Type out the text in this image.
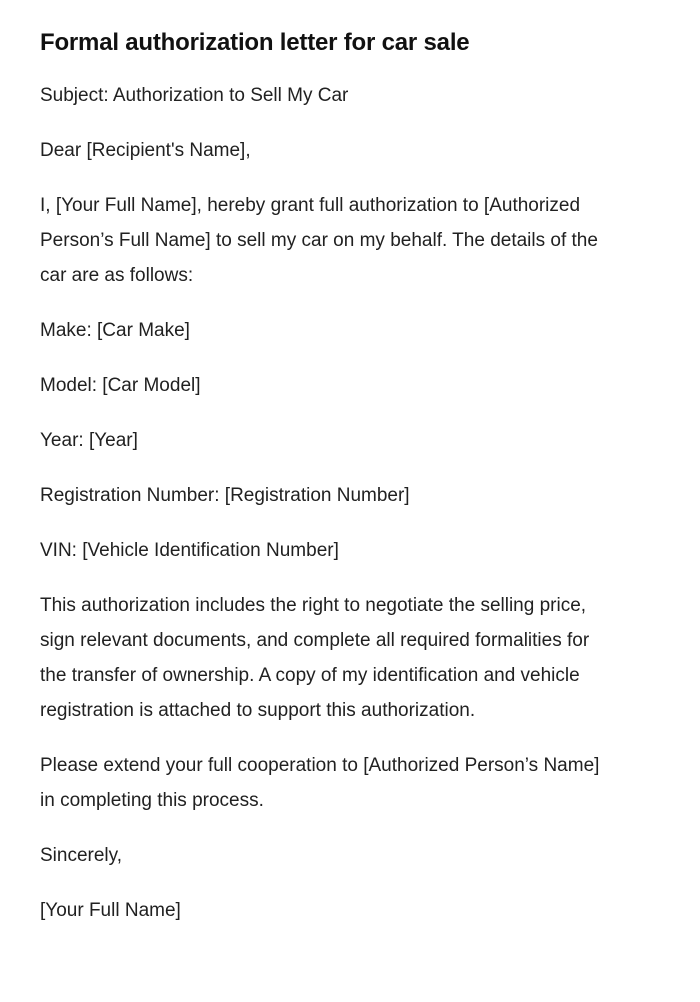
Formal authorization letter for car sale

Subject: Authorization to Sell My Car

Dear [Recipient's Name],

I, [Your Full Name], hereby grant full authorization to [Authorized Person’s Full Name] to sell my car on my behalf. The details of the car are as follows:

Make: [Car Make]

Model: [Car Model]

Year: [Year]

Registration Number: [Registration Number]

VIN: [Vehicle Identification Number]

This authorization includes the right to negotiate the selling price, sign relevant documents, and complete all required formalities for the transfer of ownership. A copy of my identification and vehicle registration is attached to support this authorization.

Please extend your full cooperation to [Authorized Person’s Name] in completing this process.

Sincerely,

[Your Full Name]
